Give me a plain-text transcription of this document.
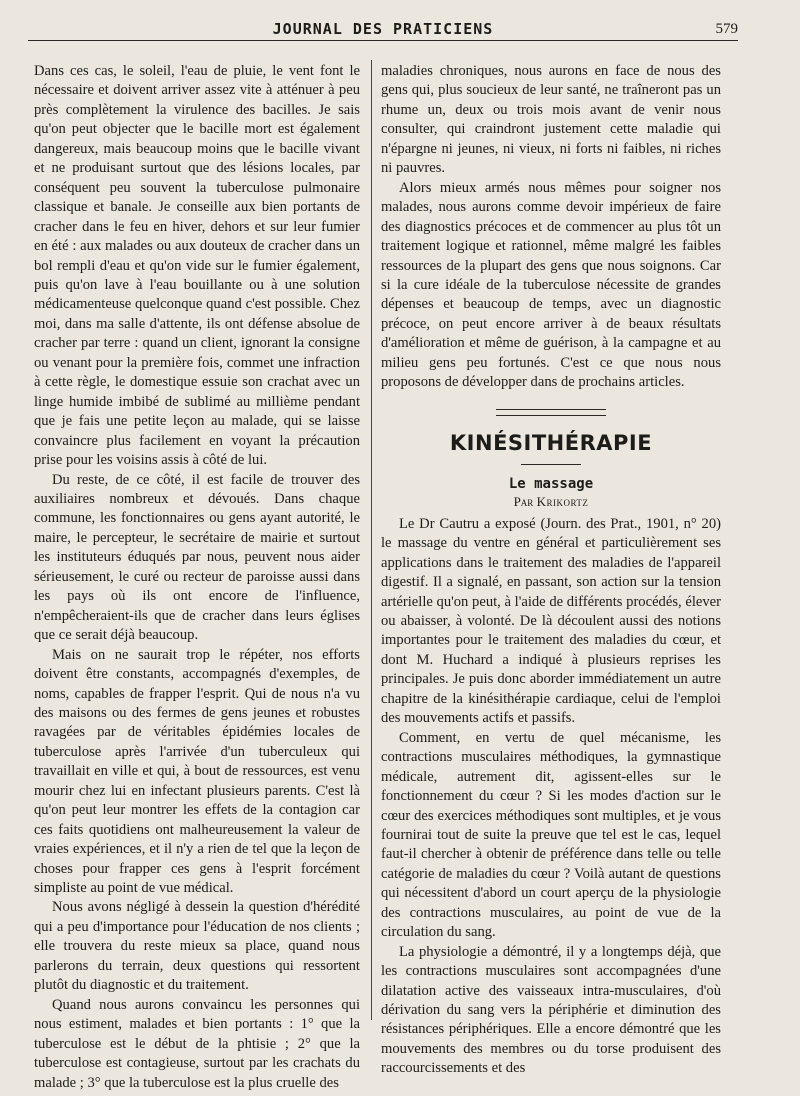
JOURNAL DES PRATICIENS	579

Dans ces cas, le soleil, l'eau de pluie, le vent font le nécessaire et doivent arriver assez vite à atténuer à peu près complètement la virulence des bacilles. Je sais qu'on peut objecter que le bacille mort est également dangereux, mais beaucoup moins que le bacille vivant et ne produisant surtout que des lésions locales, par conséquent peu souvent la tuberculose pulmonaire classique et banale. Je conseille aux bien portants de cracher dans le feu en hiver, dehors et sur leur fumier en été : aux malades ou aux douteux de cracher dans un bol rempli d'eau et qu'on vide sur le fumier également, puis qu'on lave à l'eau bouillante ou à une solution médicamenteuse quelconque quand c'est possible. Chez moi, dans ma salle d'attente, ils ont défense absolue de cracher par terre : quand un client, ignorant la consigne ou venant pour la première fois, commet une infraction à cette règle, le domestique essuie son crachat avec un linge humide imbibé de sublimé au millième pendant que je fais une petite leçon au malade, qui se laisse convaincre plus facilement en voyant la précaution prise pour les voisins assis à côté de lui.

Du reste, de ce côté, il est facile de trouver des auxiliaires nombreux et dévoués. Dans chaque commune, les fonctionnaires ou gens ayant autorité, le maire, le percepteur, le secrétaire de mairie et surtout les instituteurs éduqués par nous, peuvent nous aider sérieusement, le curé ou recteur de paroisse aussi dans les pays où ils ont encore de l'influence, n'empêcheraient-ils que de cracher dans leurs églises que ce serait déjà beaucoup.

Mais on ne saurait trop le répéter, nos efforts doivent être constants, accompagnés d'exemples, de noms, capables de frapper l'esprit. Qui de nous n'a vu des maisons ou des fermes de gens jeunes et robustes ravagées par de véritables épidémies locales de tuberculose après l'arrivée d'un tuberculeux qui travaillait en ville et qui, à bout de ressources, est venu mourir chez lui en infectant plusieurs parents. C'est là qu'on peut leur montrer les effets de la contagion car ces faits quotidiens ont malheureusement la valeur de vraies expériences, et il n'y a rien de tel que la leçon de choses pour frapper ces gens à l'esprit forcément simpliste au point de vue médical.

Nous avons négligé à dessein la question d'hérédité qui a peu d'importance pour l'éducation de nos clients ; elle trouvera du reste mieux sa place, quand nous parlerons du terrain, deux questions qui ressortent plutôt du diagnostic et du traitement.

Quand nous aurons convaincu les personnes qui nous estiment, malades et bien portants : 1° que la tuberculose est le début de la phtisie ; 2° que la tuberculose est contagieuse, surtout par les crachats du malade ; 3° que la tuberculose est la plus cruelle des

maladies chroniques, nous aurons en face de nous des gens qui, plus soucieux de leur santé, ne traîneront pas un rhume un, deux ou trois mois avant de venir nous consulter, qui craindront justement cette maladie qui n'épargne ni jeunes, ni vieux, ni forts ni faibles, ni riches ni pauvres.

Alors mieux armés nous mêmes pour soigner nos malades, nous aurons comme devoir impérieux de faire des diagnostics précoces et de commencer au plus tôt un traitement logique et rationnel, même malgré les faibles ressources de la plupart des gens que nous soignons. Car si la cure idéale de la tuberculose nécessite de grandes dépenses et beaucoup de temps, avec un diagnostic précoce, on peut encore arriver à de beaux résultats d'amélioration et même de guérison, à la campagne et au milieu gens peu fortunés. C'est ce que nous nous proposons de développer dans de prochains articles.

KINÉSITHÉRAPIE
Le massage
Par Krikortz

Le Dr Cautru a exposé (Journ. des Prat., 1901, n° 20) le massage du ventre en général et particulièrement ses applications dans le traitement des maladies de l'appareil digestif. Il a signalé, en passant, son action sur la tension artérielle qu'on peut, à l'aide de différents procédés, élever ou abaisser, à volonté. De là découlent aussi des notions importantes pour le traitement des maladies du cœur, et dont M. Huchard a indiqué à plusieurs reprises les principales. Je puis donc aborder immédiatement un autre chapitre de la kinésithérapie cardiaque, celui de l'emploi des mouvements actifs et passifs.

Comment, en vertu de quel mécanisme, les contractions musculaires méthodiques, la gymnastique médicale, autrement dit, agissent-elles sur le fonctionnement du cœur ? Si les modes d'action sur le cœur des exercices méthodiques sont multiples, et je vous fournirai tout de suite la preuve que tel est le cas, lequel faut-il chercher à obtenir de préférence dans telle ou telle catégorie de maladies du cœur ? Voilà autant de questions qui nécessitent d'abord un court aperçu de la physiologie des contractions musculaires, au point de vue de la circulation du sang.

La physiologie a démontré, il y a longtemps déjà, que les contractions musculaires sont accompagnées d'une dilatation active des vaisseaux intra-musculaires, d'où dérivation du sang vers la périphérie et diminution des résistances périphériques. Elle a encore démontré que les mouvements des membres ou du torse produisent des raccourcissements et des
